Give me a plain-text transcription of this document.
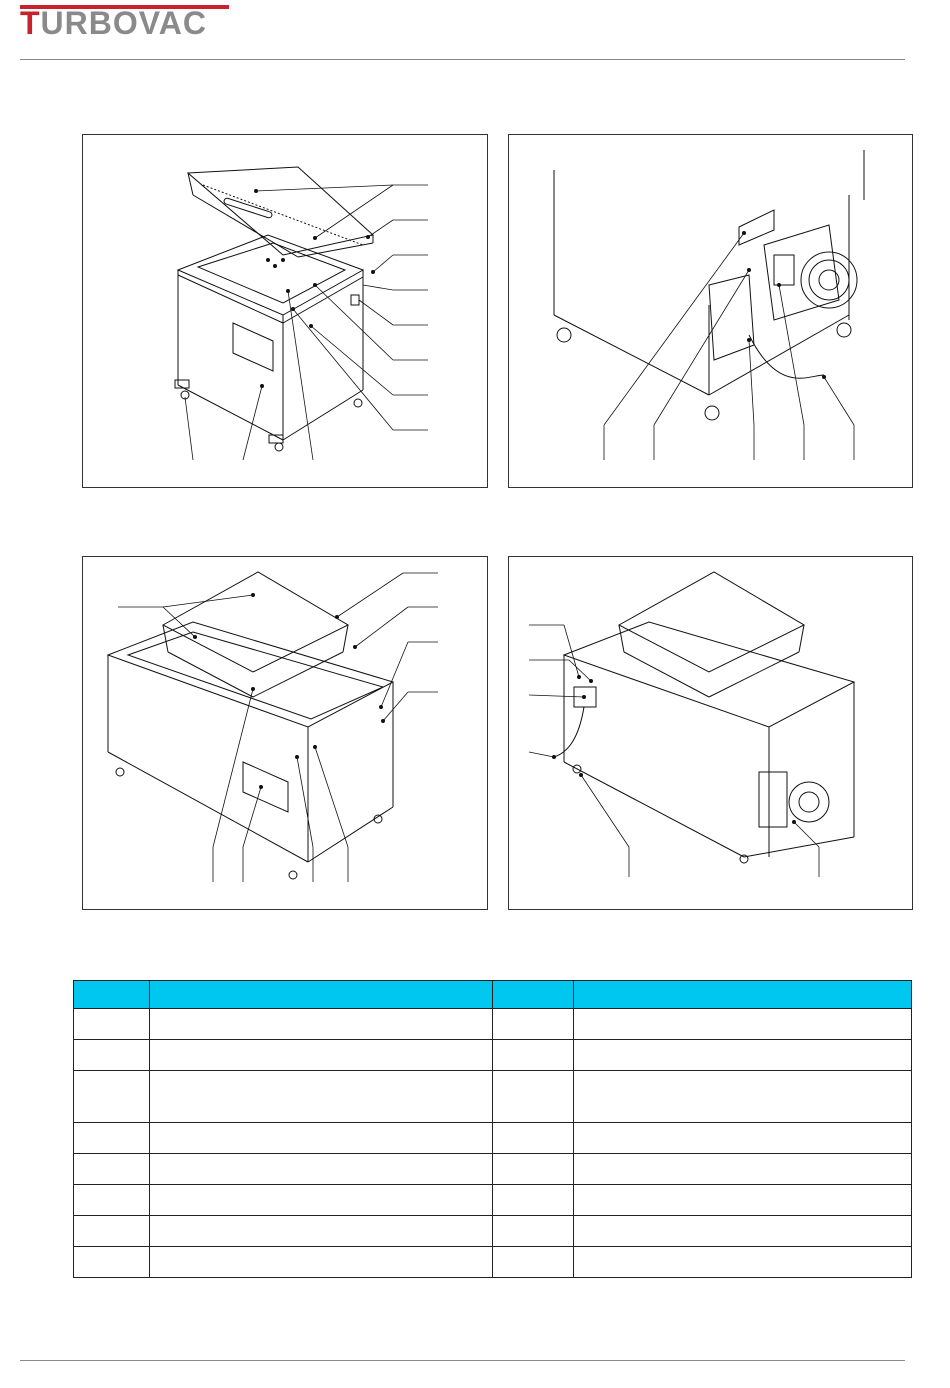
TURBOVAC
